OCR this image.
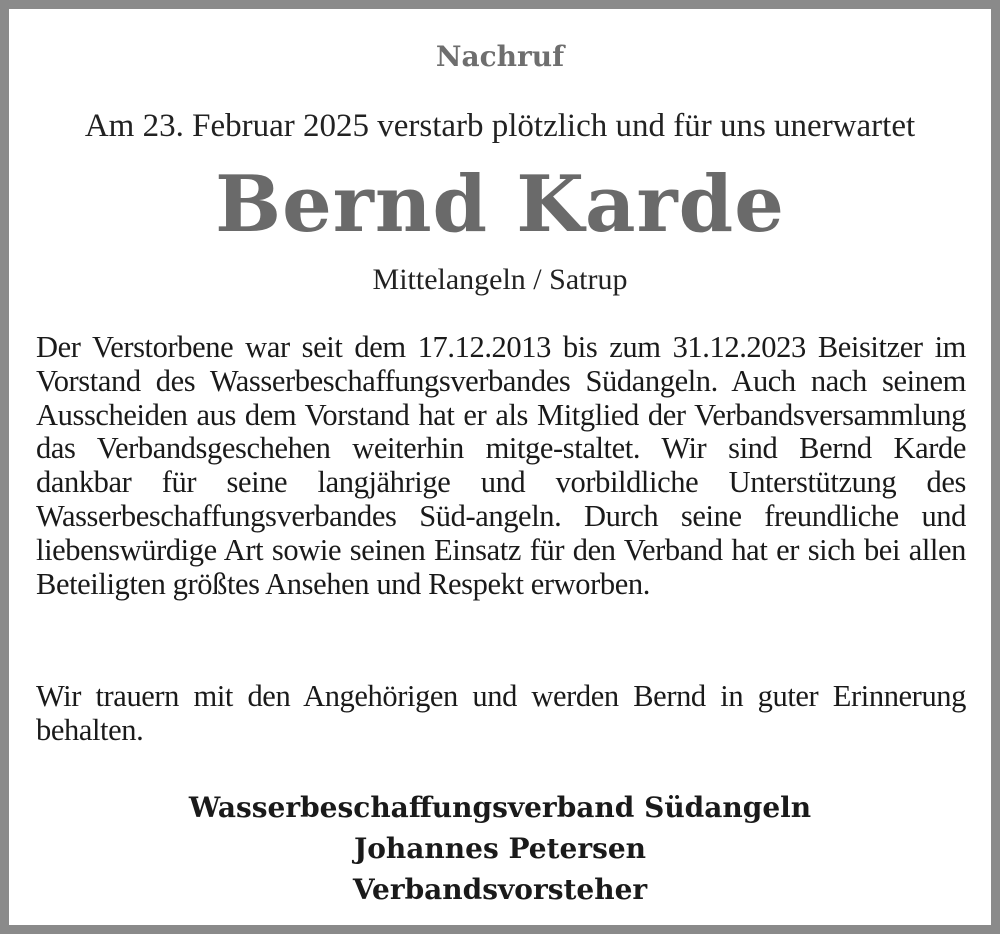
Nachruf
Am 23. Februar 2025 verstarb plötzlich und für uns unerwartet
Bernd Karde
Mittelangeln / Satrup
Der Verstorbene war seit dem 17.12.2013 bis zum 31.12.2023 Beisitzer im Vorstand des Wasserbeschaffungsverbandes Südangeln. Auch nach seinem Ausscheiden aus dem Vorstand hat er als Mitglied der Verbandsversammlung das Verbandsgeschehen weiterhin mitge-staltet. Wir sind Bernd Karde dankbar für seine langjährige und vorbildliche Unterstützung des Wasserbeschaffungsverbandes Süd-angeln. Durch seine freundliche und liebenswürdige Art sowie seinen Einsatz für den Verband hat er sich bei allen Beteiligten größtes Ansehen und Respekt erworben.
Wir trauern mit den Angehörigen und werden Bernd in guter Erinnerung behalten.
Wasserbeschaffungsverband Südangeln
Johannes Petersen
Verbandsvorsteher
